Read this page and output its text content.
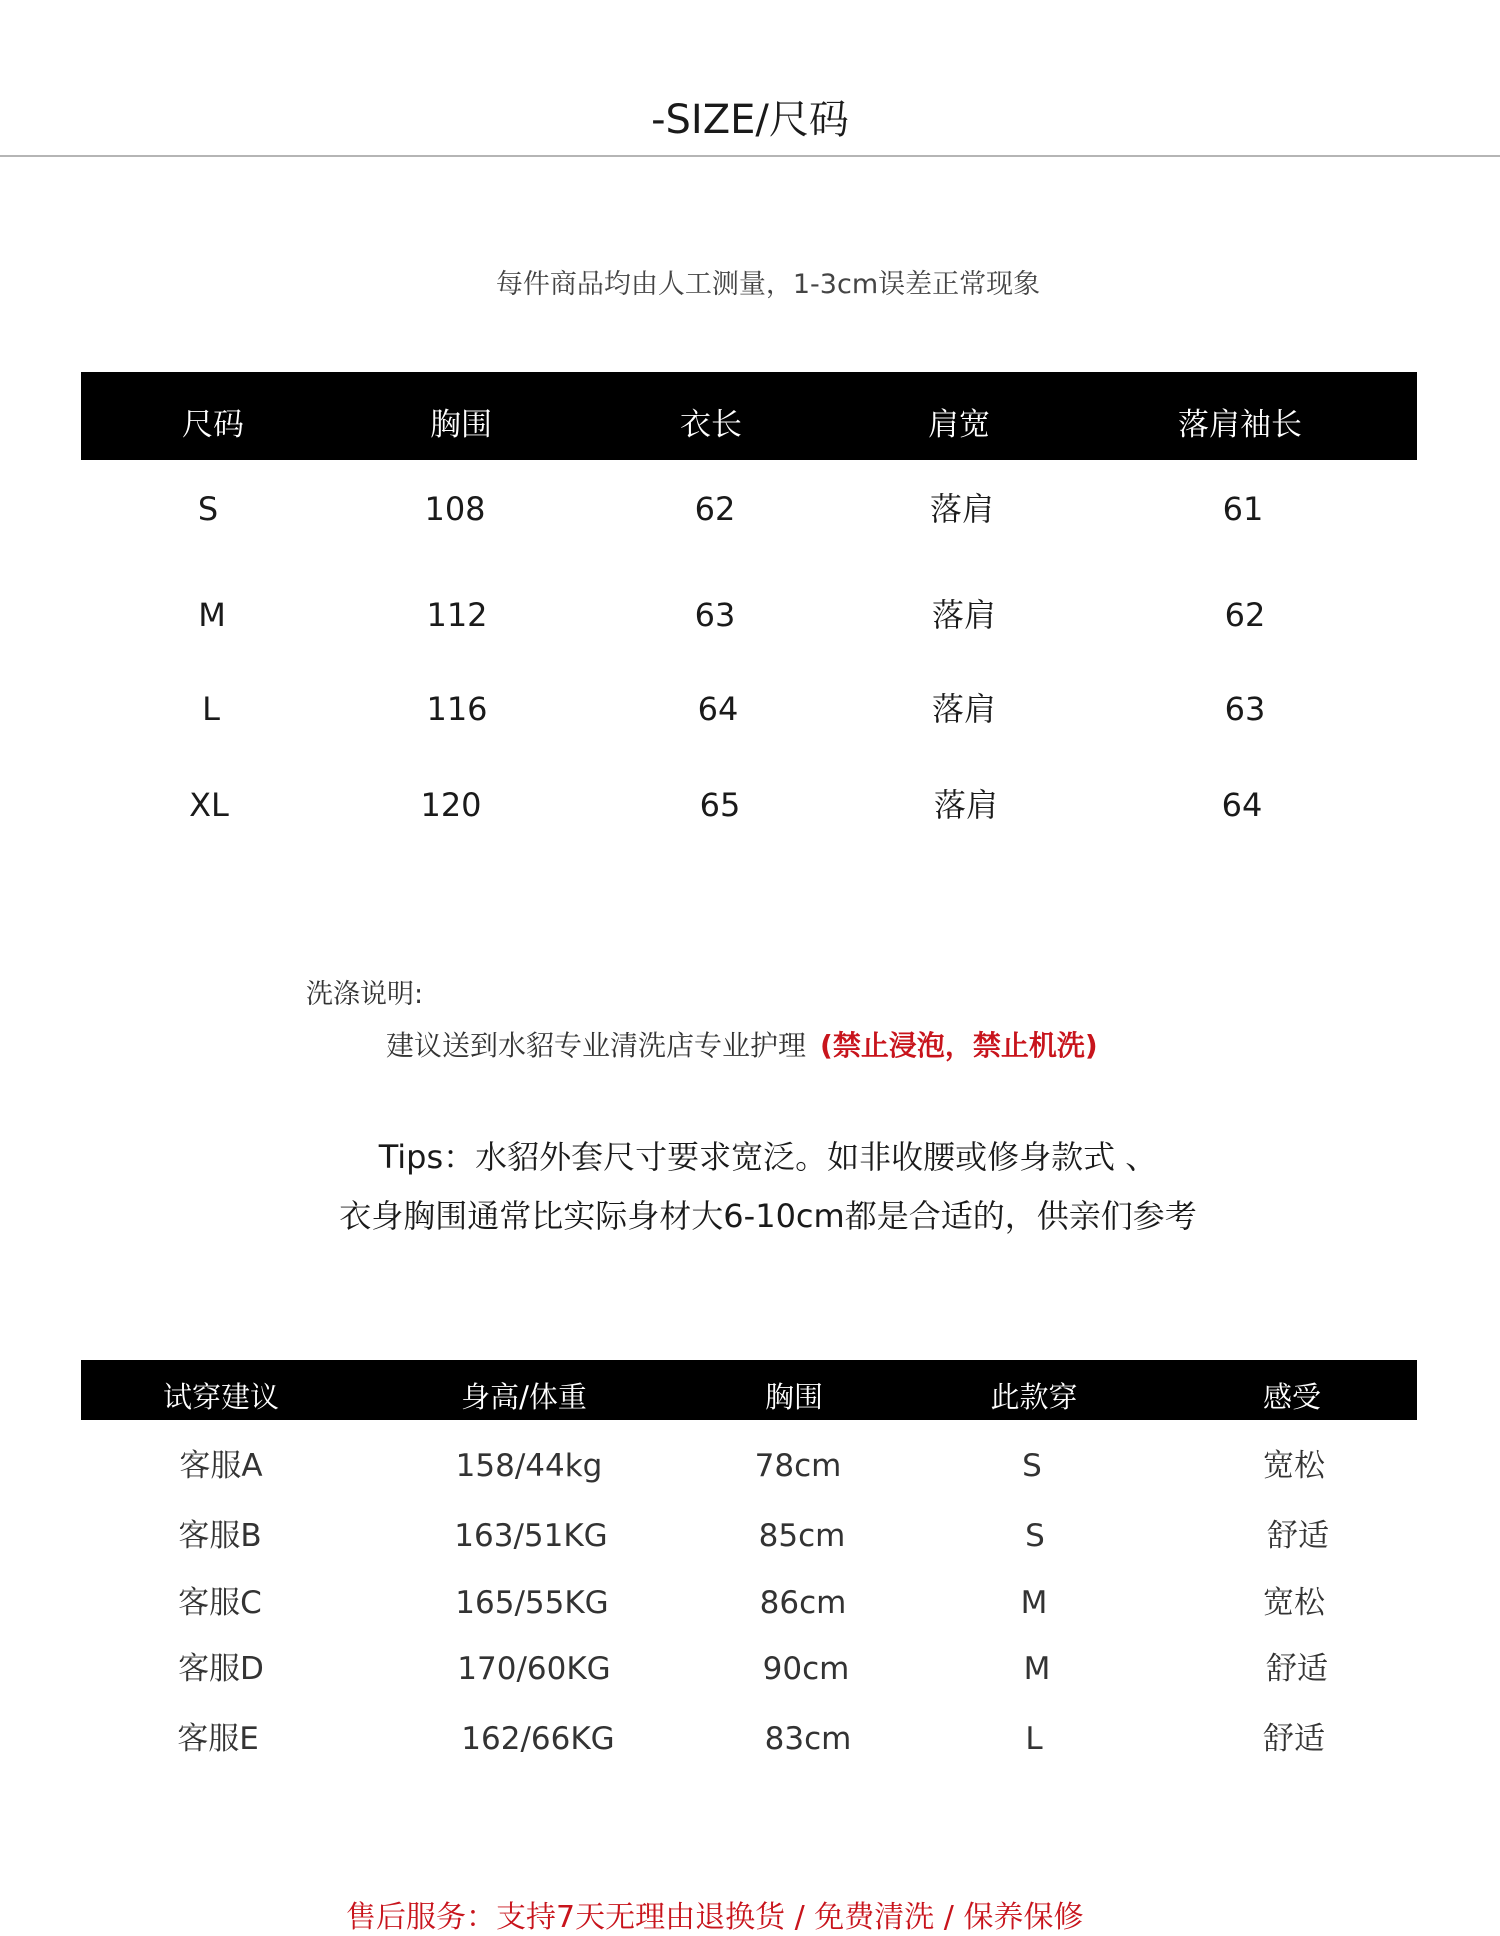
-SIZE/尺码
每件商品均由人工测量，1-3cm误差正常现象
尺码	胸围	衣长	肩宽	落肩袖长
S	108	62	落肩	61
M	112	63	落肩	62
L	116	64	落肩	63
XL	120	65	落肩	64
洗涤说明:
建议送到水貂专业清洗店专业护理 (禁止浸泡，禁止机洗)
Tips：水貂外套尺寸要求宽泛。如非收腰或修身款式 、
衣身胸围通常比实际身材大6-10cm都是合适的，供亲们参考
试穿建议	身高/体重	胸围	此款穿	感受
客服A	158/44kg	78cm	S	宽松
客服B	163/51KG	85cm	S	舒适
客服C	165/55KG	86cm	M	宽松
客服D	170/60KG	90cm	M	舒适
客服E	162/66KG	83cm	L	舒适
售后服务：支持7天无理由退换货 / 免费清洗 / 保养保修
